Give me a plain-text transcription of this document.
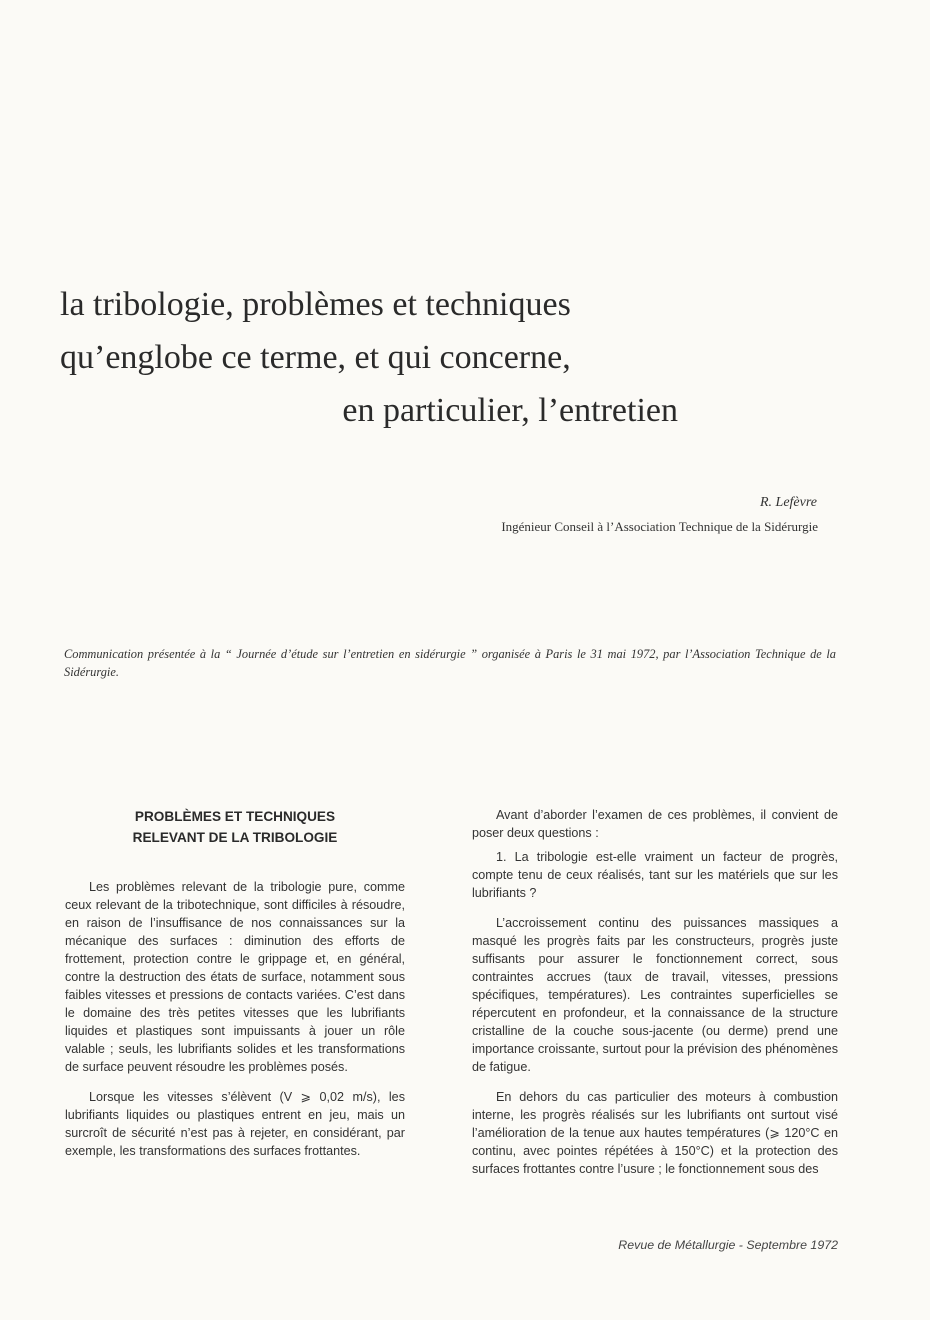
la tribologie, problèmes et techniques
qu’englobe ce terme, et qui concerne,
en particulier, l’entretien
R. Lefèvre
Ingénieur Conseil à l’Association Technique de la Sidérurgie
Communication présentée à la “ Journée d’étude sur l’entretien en sidérurgie ” organisée à Paris le 31 mai 1972, par l’Association Technique de la Sidérurgie.
PROBLÈMES ET TECHNIQUES
RELEVANT DE LA TRIBOLOGIE

Les problèmes relevant de la tribologie pure, comme ceux relevant de la tribotechnique, sont difficiles à résoudre, en raison de l’insuffisance de nos connaissances sur la mécanique des surfaces : diminution des efforts de frottement, protection contre le grippage et, en général, contre la destruction des états de surface, notamment sous faibles vitesses et pressions de contacts variées. C’est dans le domaine des très petites vitesses que les lubrifiants liquides et plastiques sont impuissants à jouer un rôle valable ; seuls, les lubrifiants solides et les transformations de surface peuvent résoudre les problèmes posés.

Lorsque les vitesses s’élèvent (V ⩾ 0,02 m/s), les lubrifiants liquides ou plastiques entrent en jeu, mais un surcroît de sécurité n’est pas à rejeter, en considérant, par exemple, les transformations des surfaces frottantes.

Avant d’aborder l’examen de ces problèmes, il convient de poser deux questions :

1. La tribologie est-elle vraiment un facteur de progrès, compte tenu de ceux réalisés, tant sur les matériels que sur les lubrifiants ?

L’accroissement continu des puissances massiques a masqué les progrès faits par les constructeurs, progrès juste suffisants pour assurer le fonctionnement correct, sous contraintes accrues (taux de travail, vitesses, pressions spécifiques, températures). Les contraintes superficielles se répercutent en profondeur, et la connaissance de la structure cristalline de la couche sous-jacente (ou derme) prend une importance croissante, surtout pour la prévision des phénomènes de fatigue.

En dehors du cas particulier des moteurs à combustion interne, les progrès réalisés sur les lubrifiants ont surtout visé l’amélioration de la tenue aux hautes températures (⩾ 120°C en continu, avec pointes répétées à 150°C) et la protection des surfaces frottantes contre l’usure ; le fonctionnement sous des

Revue de Métallurgie - Septembre 1972
